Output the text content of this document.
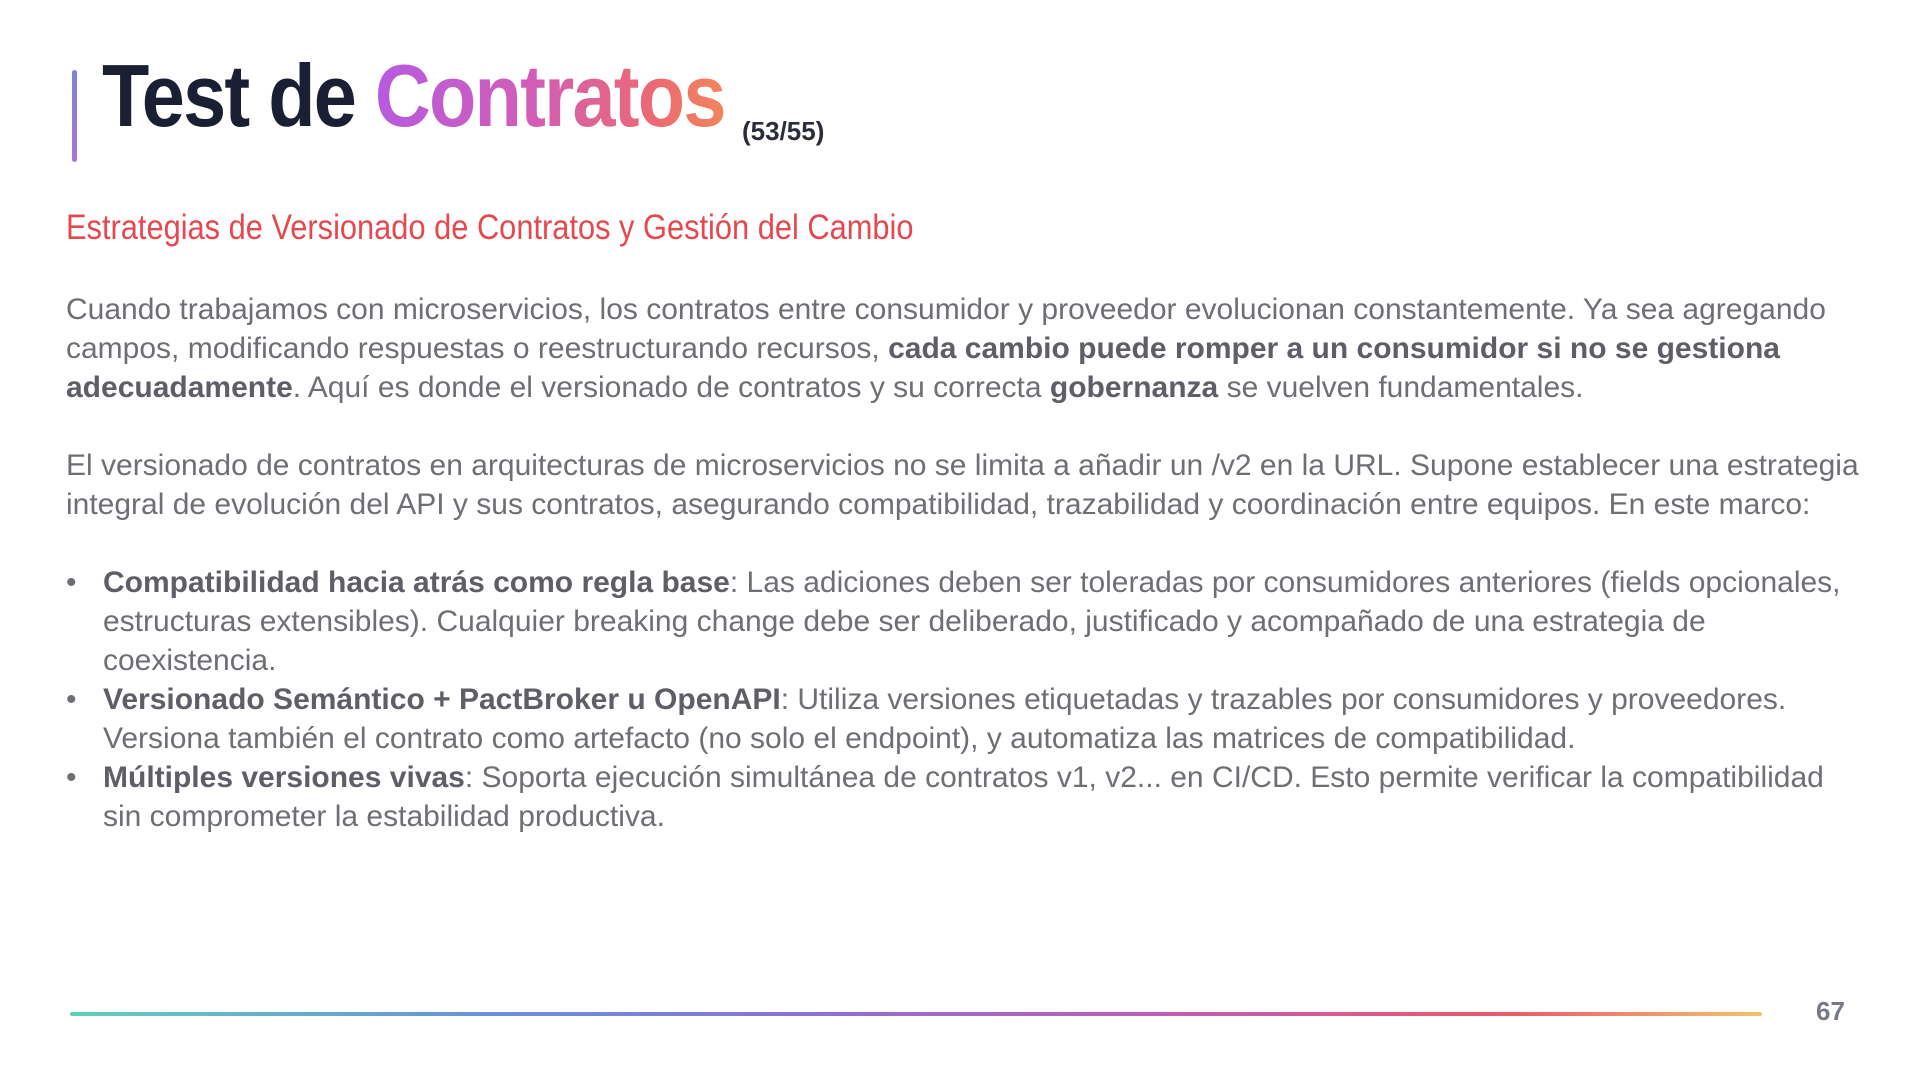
Test de Contratos (53/55)
Estrategias de Versionado de Contratos y Gestión del Cambio

Cuando trabajamos con microservicios, los contratos entre consumidor y proveedor evolucionan constantemente. Ya sea agregando campos, modificando respuestas o reestructurando recursos, cada cambio puede romper a un consumidor si no se gestiona adecuadamente. Aquí es donde el versionado de contratos y su correcta gobernanza se vuelven fundamentales.

El versionado de contratos en arquitecturas de microservicios no se limita a añadir un /v2 en la URL. Supone establecer una estrategia integral de evolución del API y sus contratos, asegurando compatibilidad, trazabilidad y coordinación entre equipos. En este marco:

• Compatibilidad hacia atrás como regla base: Las adiciones deben ser toleradas por consumidores anteriores (fields opcionales, estructuras extensibles). Cualquier breaking change debe ser deliberado, justificado y acompañado de una estrategia de coexistencia.
• Versionado Semántico + PactBroker u OpenAPI: Utiliza versiones etiquetadas y trazables por consumidores y proveedores. Versiona también el contrato como artefacto (no solo el endpoint), y automatiza las matrices de compatibilidad.
• Múltiples versiones vivas: Soporta ejecución simultánea de contratos v1, v2... en CI/CD. Esto permite verificar la compatibilidad sin comprometer la estabilidad productiva.
67
